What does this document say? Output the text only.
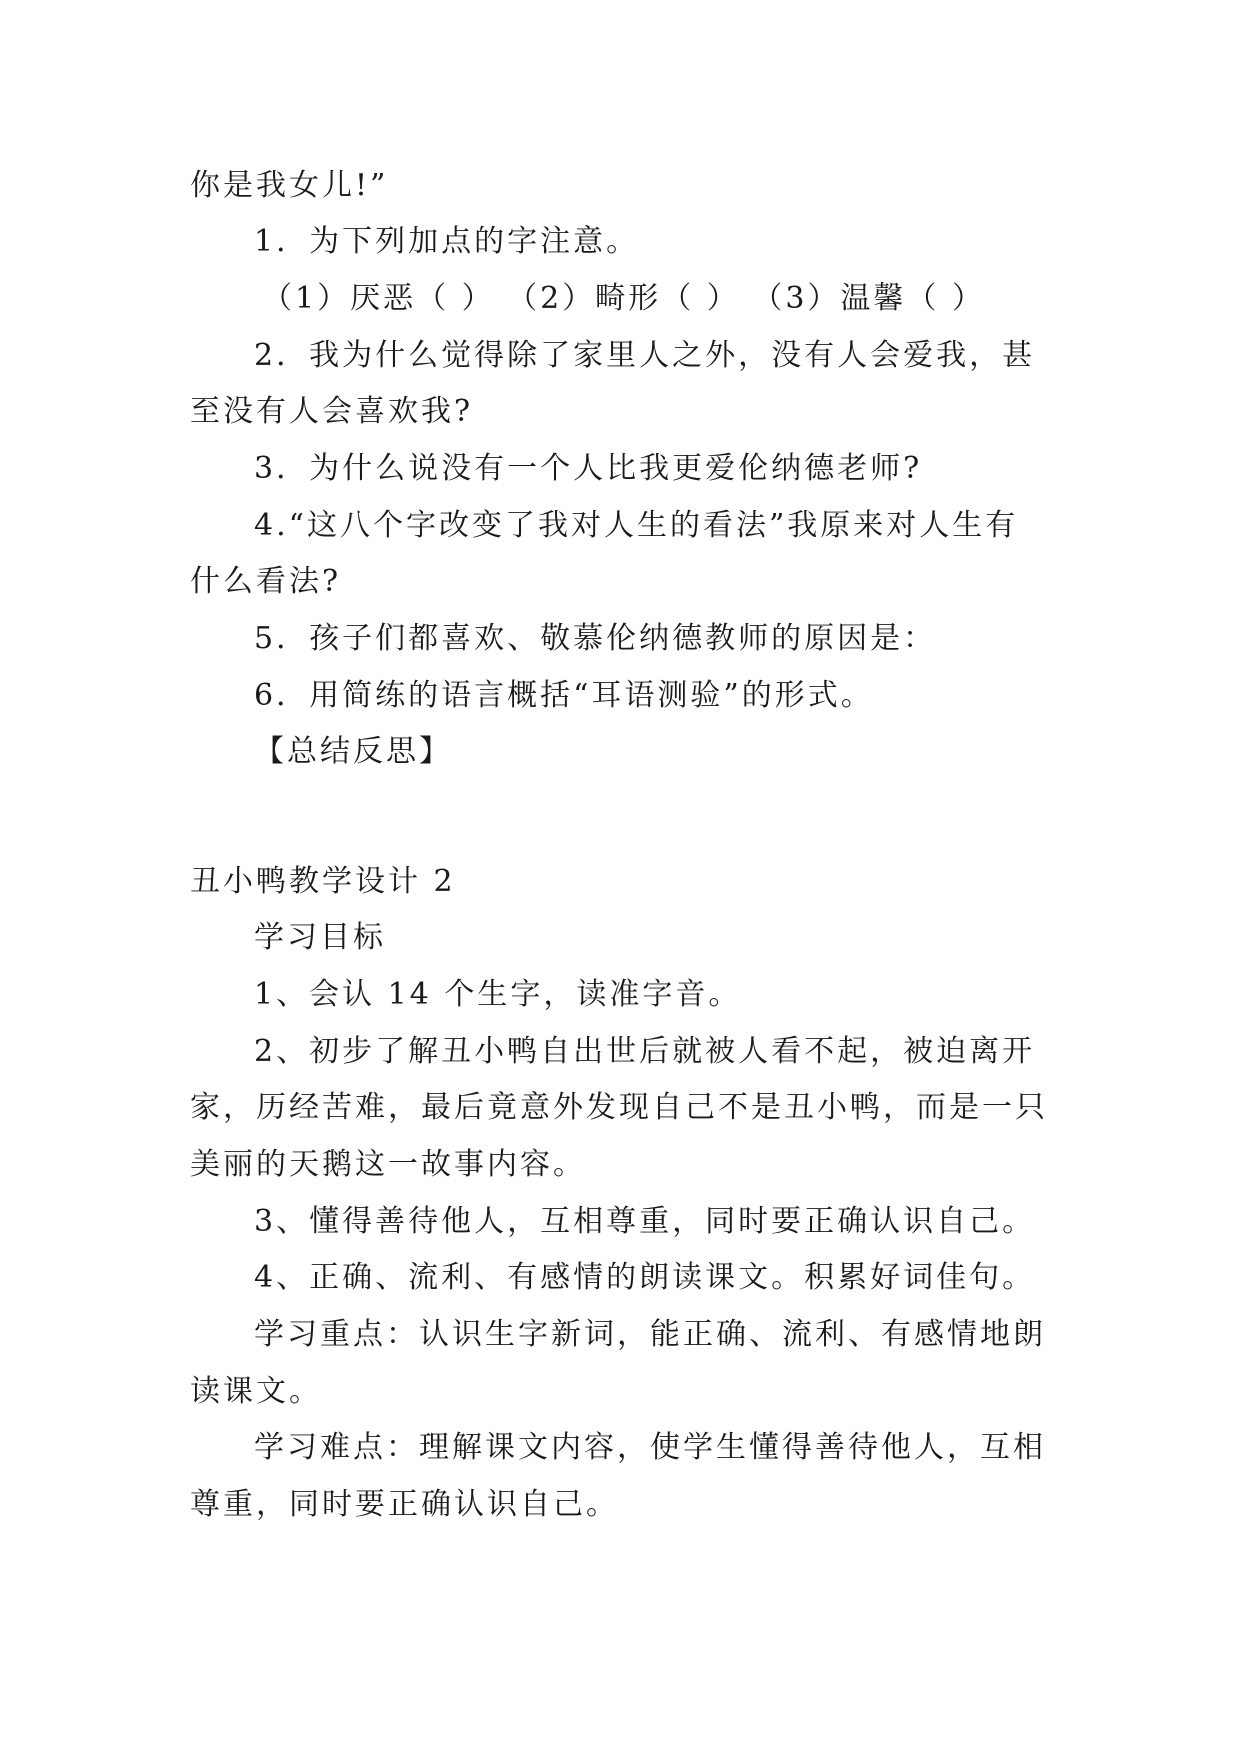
你是我女儿!”
1．为下列加点的字注意。
（1）厌恶（ ） （2）畸形（ ） （3）温馨（ ）
2．我为什么觉得除了家里人之外，没有人会爱我，甚
至没有人会喜欢我?
3．为什么说没有一个人比我更爱伦纳德老师?
4.“这八个字改变了我对人生的看法”我原来对人生有
什么看法?
5．孩子们都喜欢、敬慕伦纳德教师的原因是：
6．用简练的语言概括“耳语测验”的形式。
【总结反思】
丑小鸭教学设计 2
学习目标
1、会认 14 个生字，读准字音。
2、初步了解丑小鸭自出世后就被人看不起，被迫离开
家，历经苦难，最后竟意外发现自己不是丑小鸭，而是一只
美丽的天鹅这一故事内容。
3、懂得善待他人，互相尊重，同时要正确认识自己。
4、正确、流利、有感情的朗读课文。积累好词佳句。
学习重点：认识生字新词，能正确、流利、有感情地朗
读课文。
学习难点：理解课文内容，使学生懂得善待他人，互相
尊重，同时要正确认识自己。
